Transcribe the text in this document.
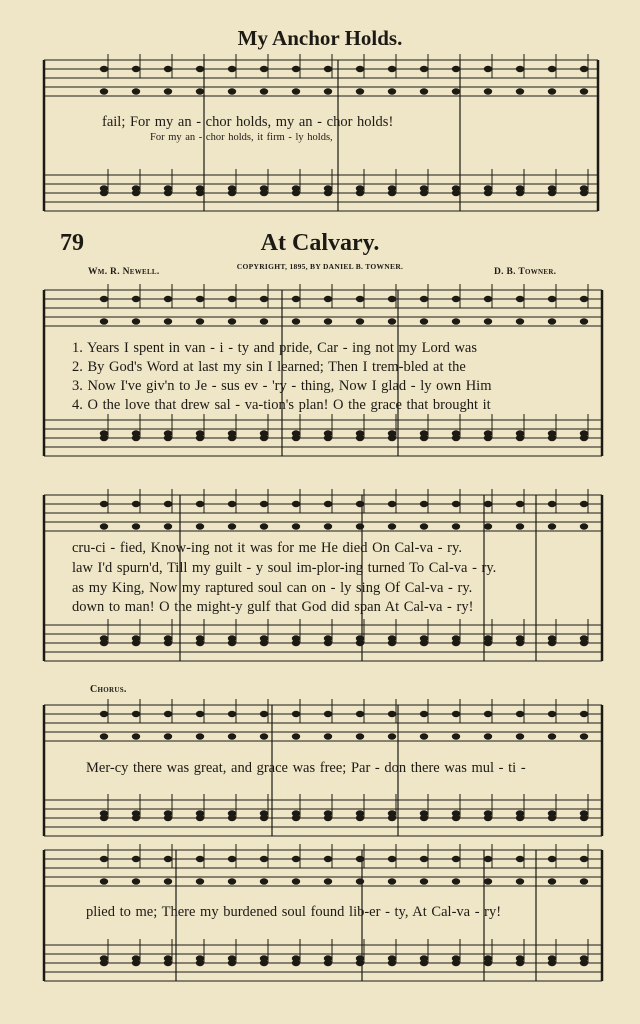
My Anchor Holds.
fail; For my an - chor holds, my an - chor holds!
For my an - chor holds, it firm - ly holds,
79	At Calvary.
COPYRIGHT, 1895, BY DANIEL B. TOWNER.
Wm. R. Newell.	D. B. Towner.
1. Years I spent in van - i - ty and pride, Car - ing not my Lord was
2. By God's Word at last my sin I learned; Then I trem-bled at the
3. Now I've giv'n to Je - sus ev - 'ry - thing, Now I glad - ly own Him
4. O the love that drew sal - va-tion's plan! O the grace that brought it
cru-ci - fied, Know-ing not it was for me He died On Cal-va - ry.
law I'd spurn'd, Till my guilt - y soul im-plor-ing turned To Cal-va - ry.
as my King, Now my raptured soul can on - ly sing Of Cal-va - ry.
down to man! O the might-y gulf that God did span At Cal-va - ry!
Chorus.
Mer-cy there was great, and grace was free; Par - don there was mul - ti -
plied to me; There my burdened soul found lib-er - ty, At Cal-va - ry!
